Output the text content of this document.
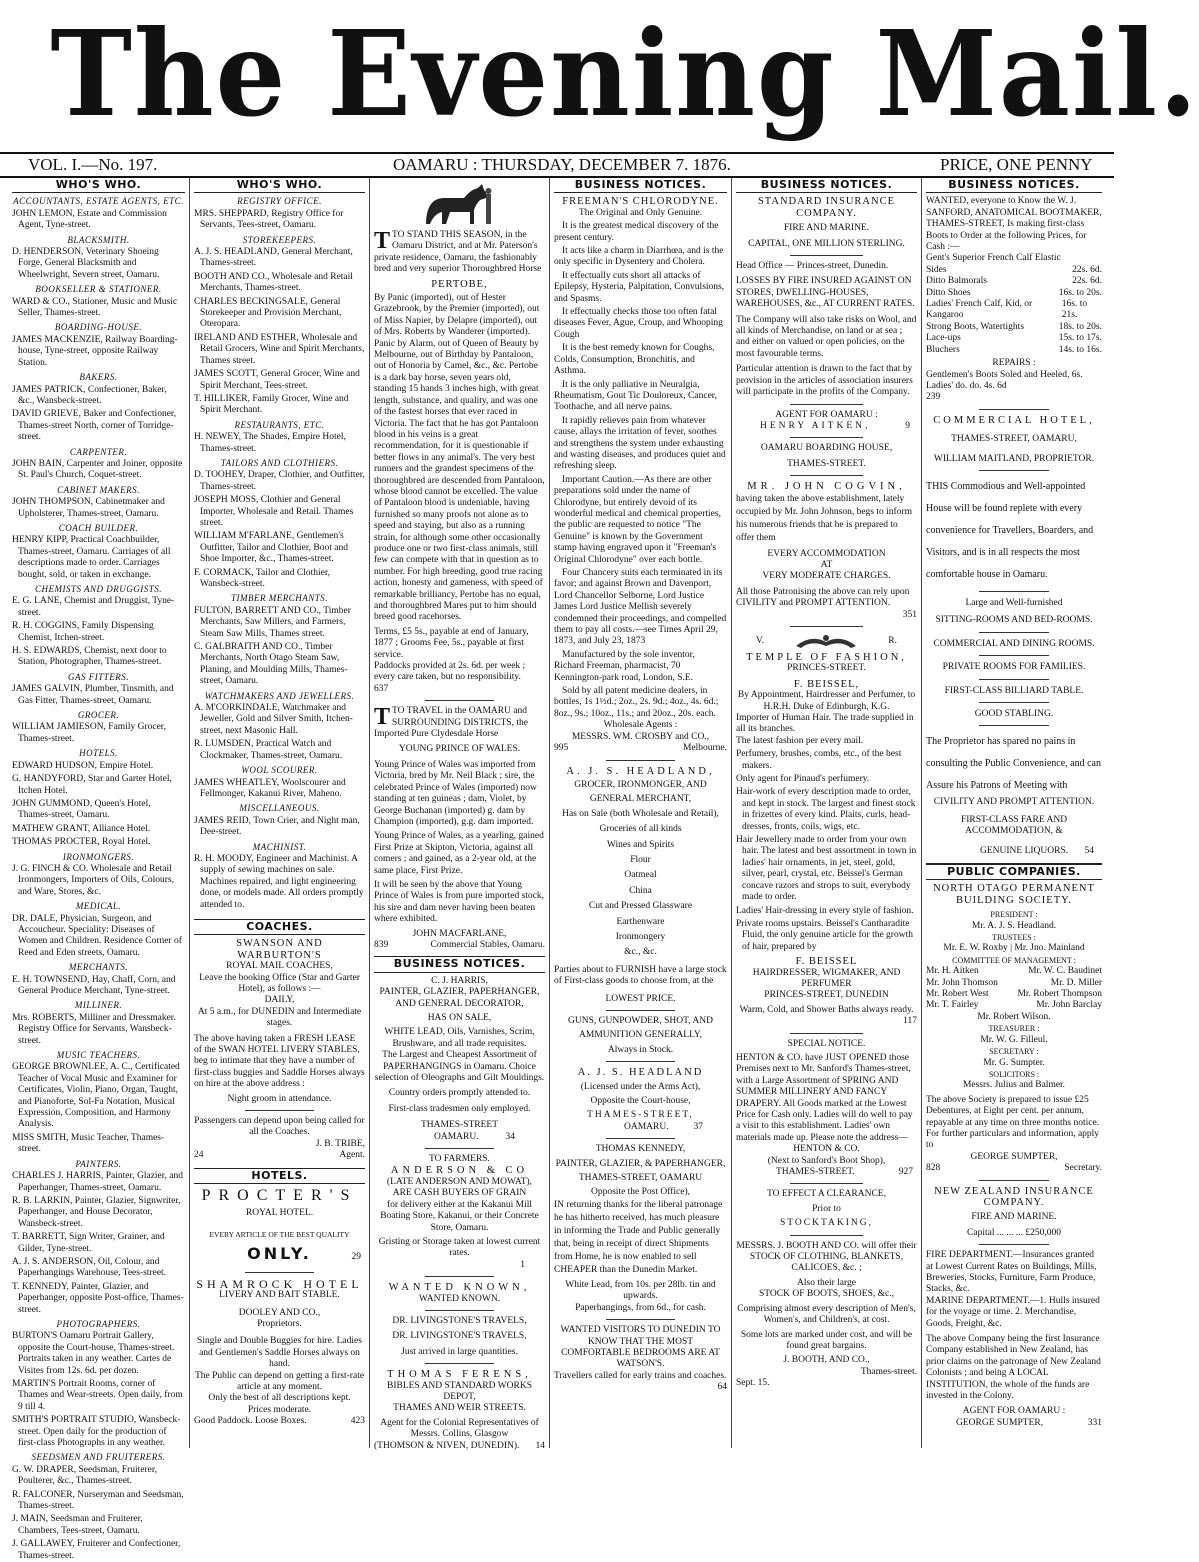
The Evening Mail.
VOL. I.—No. 197.	OAMARU : THURSDAY, DECEMBER 7. 1876.	PRICE, ONE PENNY
WHO'S WHO.
ACCOUNTANTS, ESTATE AGENTS, ETC.
JOHN LEMON, Estate and Commission Agent, Tyne-street.
BLACKSMITH.
D. HENDERSON, Veterinary Shoeing Forge, General Blacksmith and Wheelwright, Severn street, Oamaru.
BOOKSELLER & STATIONER.
WARD & CO., Stationer, Music and Music Seller, Thames-street.
BOARDING-HOUSE.
JAMES MACKENZIE, Railway Boarding-house, Tyne-street, opposite Railway Station.
BAKERS.
JAMES PATRICK, Confectioner, Baker, &c., Wansbeck-street.
DAVID GRIEVE, Baker and Confectioner, Thames-street North, corner of Torridge-street.
CARPENTER.
JOHN BAIN, Carpenter and Joiner, opposite St. Paul's Church, Coquet-street.
CABINET MAKERS.
JOHN THOMPSON, Cabinetmaker and Upholsterer, Thames-street, Oamaru.
COACH BUILDER.
HENRY KIPP, Practical Coachbuilder, Thames-street, Oamaru. Carriages of all descriptions made to order. Carriages bought, sold, or taken in exchange.
CHEMISTS AND DRUGGISTS.
E. G. LANE, Chemist and Druggist, Tyne-street.
R. H. COGGINS, Family Dispensing Chemist, Itchen-street.
H. S. EDWARDS, Chemist, next door to Station, Photographer, Thames-street.
GAS FITTERS.
JAMES GALVIN, Plumber, Tinsmith, and Gas Fitter, Thames-street, Oamaru.
GROCER.
WILLIAM JAMIESON, Family Grocer, Thames-street.
HOTELS.
EDWARD HUDSON, Empire Hotel.
G. HANDYFORD, Star and Garter Hotel, Itchen Hotel.
JOHN GUMMOND, Queen's Hotel, Thames-street, Oamaru.
MATHEW GRANT, Alliance Hotel.
THOMAS PROCTER, Royal Hotel.
IRONMONGERS.
J. G. FINCH & CO. Wholesale and Retail Ironmongers, Importers of Oils, Colours, and Ware, Stores, &c.
MEDICAL.
DR. DALE, Physician, Surgeon, and Accoucheur. Speciality: Diseases of Women and Children. Residence Corner of Reed and Eden streets, Oamaru.
MERCHANTS.
E. H. TOWNSEND, Hay, Chaff, Corn, and General Produce Merchant, Tyne-street.
MILLINER.
Mrs. ROBERTS, Milliner and Dressmaker. Registry Office for Servants, Wansbeck-street.
MUSIC TEACHERS.
GEORGE BROWNLEE, A. C., Certificated Teacher of Vocal Music and Examiner for Certificates, Violin, Piano, Organ, Taught, and Pianoforte, Sol-Fa Notation, Musical Expression, Composition, and Harmony Analysis.
MISS SMITH, Music Teacher, Thames-street.
PAINTERS.
CHARLES J. HARRIS, Painter, Glazier, and Paperhanger, Thames-street, Oamaru.
R. B. LARKIN, Painter, Glazier, Signwriter, Paperhanger, and House Decorator, Wansbeck-street.
T. BARRETT, Sign Writer, Grainer, and Gilder, Tyne-street.
A. J. S. ANDERSON, Oil, Colour, and Paperhangings Warehouse, Tees-street.
T. KENNEDY, Painter, Glazier, and Paperhanger, opposite Post-office, Thames-street.
PHOTOGRAPHERS.
BURTON'S Oamaru Portrait Gallery, opposite the Court-house, Thames-street. Portraits taken in any weather. Cartes de Visites from 12s. 6d. per dozen.
MARTIN'S Portrait Rooms, corner of Thames and Wear-streets. Open daily, from 9 till 4.
SMITH'S PORTRAIT STUDIO, Wansbeck-street. Open daily for the production of first-class Photographs in any weather.
SEEDSMEN AND FRUITERERS.
G. W. DRAPER, Seedsman, Fruiterer, Poulterer, &c., Thames-street.
R. FALCONER, Nurseryman and Seedsman, Thames-street.
J. MAIN, Seedsman and Fruiterer, Chambers, Tees-street, Oamaru.
J. GALLAWEY, Fruiterer and Confectioner, Thames-street.
WHO'S WHO.
REGISTRY OFFICE.
MRS. SHEPPARD, Registry Office for Servants, Tees-street, Oamaru.
STOREKEEPERS.
A. J. S. HEADLAND, General Merchant, Thames-street.
BOOTH AND CO., Wholesale and Retail Merchants, Thames-street.
CHARLES BECKINGSALE, General Storekeeper and Provision Merchant, Oteropara.
IRELAND AND ESTHER, Wholesale and Retail Grocers, Wine and Spirit Merchants, Thames street.
JAMES SCOTT, General Grocer, Wine and Spirit Merchant, Tees-street.
T. HILLIKER, Family Grocer, Wine and Spirit Merchant.
RESTAURANTS, ETC.
H. NEWEY, The Shades, Empire Hotel, Thames-street.
TAILORS AND CLOTHIERS.
D. TOOHEY, Draper, Clothier, and Outfitter, Thames-street.
JOSEPH MOSS, Clothier and General Importer, Wholesale and Retail. Thames street.
WILLIAM M'FARLANE, Gentlemen's Outfitter, Tailor and Clothier, Boot and Shoe Importer, &c., Thames-street.
F. CORMACK, Tailor and Clothier, Wansbeck-street.
TIMBER MERCHANTS.
FULTON, BARRETT AND CO., Timber Merchants, Saw Millers, and Farmers, Steam Saw Mills, Thames street.
C. GALBRAITH AND CO., Timber Merchants, North Otago Steam Saw, Planing, and Moulding Mills, Thames-street, Oamaru.
WATCHMAKERS AND JEWELLERS.
A. M'CORKINDALE, Watchmaker and Jeweller, Gold and Silver Smith, Itchen-street, next Masonic Hall.
R. LUMSDEN, Practical Watch and Clockmaker, Thames-street, Oamaru.
WOOL SCOURER.
JAMES WHEATLEY, Woolscourer and Fellmonger, Kakanui River, Maheno.
MISCELLANEOUS.
JAMES REID, Town Crier, and Night man, Dee-street.
MACHINIST.
R. H. MOODY, Engineer and Machinist. A supply of sewing machines on sale. Machines repaired, and light engineering done, or models made. All orders promptly attended to.
COACHES.
SWANSON AND WARBURTON'S
ROYAL MAIL COACHES,
Leave the booking Office (Star and Garter Hotel), as follows :—
DAILY,
At 5 a.m., for DUNEDIN and Intermediate stages.
The above having taken a FRESH LEASE of the SWAN HOTEL LIVERY STABLES, beg to intimate that they have a number of first-class buggies and Saddle Horses always on hire at the above address :
Night groom in attendance.
Passengers can depend upon being called for all the Coaches.
J. B. TRIBE,
24	Agent.
HOTELS.
PROCTER'S
ROYAL HOTEL.
EVERY ARTICLE OF THE BEST QUALITY
ONLY.	29
SHAMROCK HOTEL
LIVERY AND BAIT STABLE.
DOOLEY AND CO.,
Proprietors.
Single and Double Buggies for hire. Ladies and Gentlemen's Saddle Horses always on hand.
The Public can depend on getting a first-rate article at any moment.
Only the best of all descriptions kept.
Prices moderate.
Good Paddock. Loose Boxes.	423
TTO STAND THIS SEASON, in the Oamaru District, and at Mr. Paterson's private residence, Oamaru, the fashionably bred and very superior Thoroughbred Horse
PERTOBE,
By Panic (imported), out of Hester Grazebrook, by the Premier (imported), out of Miss Napier, by Delapre (imported), out of Mrs. Roberts by Wanderer (imported). Panic by Alarm, out of Queen of Beauty by Melbourne, out of Birthday by Pantaloon, out of Honoria by Camel, &c., &c. Pertobe is a dark bay horse, seven years old, standing 15 hands 3 inches high, with great length, substance, and quality, and was one of the fastest horses that ever raced in Victoria. The fact that he has got Pantaloon blood in his veins is a great recommendation, for it is questionable if better flows in any animal's. The very best runners and the grandest specimens of the thoroughbred are descended from Pantaloon, whose blood cannot be excelled. The value of Pantaloon blood is undeniable, having furnished so many proofs not alone as to speed and staying, but also as a running strain, for although some other occasionally produce one or two first-class animals, still few can compete with that in question as to number. For high breeding, good true racing action, honesty and gameness, with speed of remarkable brilliancy, Pertobe has no equal, and thoroughbred Mares put to him should breed good racehorses.
Terms, £5 5s., payable at end of January, 1877 ; Grooms Fee, 5s., payable at first service.
Paddocks provided at 2s. 6d. per week ; every care taken, but no responsibility.
637
TTO TRAVEL in the OAMARU and SURROUNDING DISTRICTS, the Imported Pure Clydesdale Horse
YOUNG PRINCE OF WALES.
Young Prince of Wales was imported from Victoria, bred by Mr. Neil Black ; sire, the celebrated Prince of Wales (imported) now standing at ten guineas ; dam, Violet, by George Buchanan (imported) g. dam by Champion (imported), g.g. dam imported.
Young Prince of Wales, as a yearling, gained First Prize at Skipton, Victoria, against all comers ; and gained, as a 2-year old, at the same place, First Prize.
It will be seen by the above that Young Prince of Wales is from pure imported stock, his sire and dam never having been beaten where exhibited.
JOHN MACFARLANE,
839	Commercial Stables, Oamaru.
BUSINESS NOTICES.
C. J. HARRIS,
PAINTER, GLAZIER, PAPERHANGER, AND GENERAL DECORATOR,
HAS ON SALE,
WHITE LEAD, Oils, Varnishes, Scrim, Brushware, and all trade requisites.
The Largest and Cheapest Assortment of PAPERHANGINGS in Oamaru. Choice selection of Oleographs and Gilt Mouldings.
Country orders promptly attended to.
First-class tradesmen only employed.
THAMES-STREET
OAMARU.	34
TO FARMERS.
ANDERSON & CO
(LATE ANDERSON AND MOWAT),
ARE CASH BUYERS OF GRAIN
for delivery either at the Kakanui Mill Boating Store, Kakanui, or their Concrete Store, Oamaru.
Gristing or Storage taken at lowest current rates.
1
WANTED KNOWN,
WANTED KNOWN.
DR. LIVINGSTONE'S TRAVELS,
DR. LIVINGSTONE'S TRAVELS,
Just arrived in large quantities.
THOMAS FERENS,
BIBLES AND STANDARD WORKS DEPOT,
THAMES AND WEIR STREETS.
Agent for the Colonial Representatives of Messrs. Collins, Glasgow
(THOMSON & NIVEN, DUNEDIN). 14
BUSINESS NOTICES.
FREEMAN'S CHLORODYNE.
The Original and Only Genuine.
It is the greatest medical discovery of the present century.
It acts like a charm in Diarrhœa, and is the only specific in Dysentery and Cholera.
It effectually cuts short all attacks of Epilepsy, Hysteria, Palpitation, Convulsions, and Spasms.
It effectually checks those too often fatal diseases Fever, Ague, Croup, and Whooping Cough
It is the best remedy known for Coughs, Colds, Consumption, Bronchitis, and Asthma.
It is the only palliative in Neuralgia, Rheumatism, Gout Tic Douloreux, Cancer, Toothache, and all nerve pains.
It rapidly relieves pain from whatever cause, allays the irritation of fever, soothes and strengthens the system under exhausting and wasting diseases, and produces quiet and refreshing sleep.
Important Caution.—As there are other preparations sold under the name of Chlorodyne, but entirely devoid of its wonderful medical and chemical properties, the public are requested to notice "The Genuine" is known by the Government stamp having engraved upon it "Freeman's Original Chlorodyne" over each bottle.
Four Chancery suits each terminated in its favor; and against Brown and Davenport, Lord Chancellor Selborne, Lord Justice James Lord Justice Mellish severely condemned their proceedings, and compelled them to pay all costs.—see Times April 29, 1873, and July 23, 1873
Manufactured by the sole inventor, Richard Freeman, pharmacist, 70 Kennington-park road, London, S.E.
Sold by all patent medicine dealers, in bottles, 1s 1½d.; 2oz., 2s. 9d.; 4oz., 4s. 6d.; 8oz., 9s.; 10oz., 11s.; and 20oz., 20s. each.
Wholesale Agents :
MESSRS. WM. CROSBY and CO.,
995	Melbourne.
A. J. S. HEADLAND,
GROCER, IRONMONGER, AND
GENERAL MERCHANT,
Has on Sale (both Wholesale and Retail),
Groceries of all kinds
Wines and Spirits
Flour
Oatmeal
China
Cut and Pressed Glassware
Earthenware
Ironmongery
&c., &c.
Parties about to FURNISH have a large stock of First-class goods to choose from, at the
LOWEST PRICE.
GUNS, GUNPOWDER, SHOT, AND
AMMUNITION GENERALLY,
Always in Stock.
A. J. S. HEADLAND
(Licensed under the Arms Act),
Opposite the Court-house,
THAMES-STREET,
OAMARU.	37
THOMAS KENNEDY,
PAINTER, GLAZIER, & PAPERHANGER,
THAMES-STREET, OAMARU
Opposite the Post Office),
IN returning thanks for the liberal patronage he has hitherto received, has much pleasure in informing the Trade and Public generally that, being in receipt of direct Shipments from Home, he is now enabled to sell CHEAPER than the Dunedin Market.
White Lead, from 10s. per 28lb. tin and upwards.
Paperhangings, from 6d., for cash.
WANTED VISITORS TO DUNEDIN TO KNOW THAT THE MOST COMFORTABLE BEDROOMS ARE AT WATSON'S.
Travellers called for early trains and coaches.
64
BUSINESS NOTICES.
STANDARD INSURANCE COMPANY.
FIRE AND MARINE.
CAPITAL, ONE MILLION STERLING.
Head Office — Princes-street, Dunedin.
LOSSES BY FIRE INSURED AGAINST ON STORES, DWELLING-HOUSES, WAREHOUSES, &c., AT CURRENT RATES.
The Company will also take risks on Wool, and all kinds of Merchandise, on land or at sea ; and either on valued or open policies, on the most favourable terms.
Particular attention is drawn to the fact that by provision in the articles of association insurers will participate in the profits of the Company.
AGENT FOR OAMARU :
HENRY AITKEN,	9
OAMARU BOARDING HOUSE,
THAMES-STREET.
MR. JOHN COGVIN,
having taken the above establishment, lately occupied by Mr. John Johnson, begs to inform his numerous friends that he is prepared to offer them
EVERY ACCOMMODATION
AT
VERY MODERATE CHARGES.
All those Patronising the above can rely upon CIVILITY and PROMPT ATTENTION.
351
V.	R.
TEMPLE OF FASHION,
PRINCES-STREET.
F. BEISSEL,
By Appointment, Hairdresser and Perfumer, to H.R.H. Duke of Edinburgh, K.G.
Importer of Human Hair. The trade supplied in all its branches.
The latest fashion per every mail.
Perfumery, brushes, combs, etc., of the best makers.
Only agent for Pinaud's perfumery.
Hair-work of every description made to order, and kept in stock. The largest and finest stock in frizettes of every kind. Plaits, curls, head-dresses, fronts, coils, wigs, etc.
Hair Jewellery made to order from your own hair. The latest and best assortment in town in ladies' hair ornaments, in jet, steel, gold, silver, pearl, crystal, etc. Beissel's German concave razors and strops to suit, everybody made to order.
Ladies' Hair-dressing in every style of fashion.
Private rooms upstairs. Beissel's Cantharadite Fluid, the only genuine article for the growth of hair, prepared by
F. BEISSEL
HAIRDRESSER, WIGMAKER, AND PERFUMER
PRINCES-STREET, DUNEDIN
Warm, Cold, and Shower Baths always ready.
117
SPECIAL NOTICE.
HENTON & CO. have JUST OPENED those Premises next to Mr. Sanford's Thames-street, with a Large Assortment of SPRING AND SUMMER MILLINERY AND FANCY DRAPERY. All Goods marked at the Lowest Price for Cash only. Ladies will do well to pay a visit to this establishment. Ladies' own materials made up. Please note the address—
HENTON & CO.
(Next to Sanford's Boot Shop),
THAMES-STREET.	927
TO EFFECT A CLEARANCE,
Prior to
STOCKTAKING,
MESSRS. J. BOOTH AND CO. will offer their STOCK OF CLOTHING, BLANKETS, CALICOES, &c. ;
Also their large
STOCK OF BOOTS, SHOES, &c.,
Comprising almost every description of Men's, Women's, and Children's, at cost.
Some lots are marked under cost, and will be found great bargains.
J. BOOTH, AND CO.,
Thames-street.
Sept. 15.
BUSINESS NOTICES.
WANTED, everyone to Know the W. J. SANFORD, ANATOMICAL BOOTMAKER, THAMES-STREET, Is making first-class Boots to Order at the following Prices, for Cash :—
Gent's Superior French Calf Elastic
Sides	22s. 6d.
Ditto Balmorals	22s. 6d.
Ditto Shoes	16s. to 20s.
Ladies' French Calf, Kid, or Kangaroo
16s. to 21s.
Strong Boots, Watertights	18s. to 20s.
Lace-ups	15s. to 17s.
Bluchers	14s. to 16s.
REPAIRS :
Gentlemen's Boots Soled and Heeled, 6s.
Ladies' do. do. 4s. 6d
239
COMMERCIAL HOTEL,
THAMES-STREET, OAMARU,
WILLIAM MAITLAND, PROPRIETOR.
THIS Commodious and Well-appointed House will be found replete with every convenience for Travellers, Boarders, and Visitors, and is in all respects the most comfortable house in Oamaru.
Large and Well-furnished
SITTING-ROOMS AND BED-ROOMS.
COMMERCIAL AND DINING ROOMS.
PRIVATE ROOMS FOR FAMILIES.
FIRST-CLASS BILLIARD TABLE.
GOOD STABLING.
The Proprietor has spared no pains in consulting the Public Convenience, and can Assure his Patrons of Meeting with
CIVILITY AND PROMPT ATTENTION.
FIRST-CLASS FARE AND ACCOMMODATION, &
GENUINE LIQUORS. 54
PUBLIC COMPANIES.
NORTH OTAGO PERMANENT BUILDING SOCIETY.
PRESIDENT :
Mr. A. J. S. Headland.
TRUSTEES :
Mr. E. W. Roxby | Mr. Jno. Mainland
COMMITTEE OF MANAGEMENT :
Mr. H. Aitken	Mr. W. C. Baudinet
Mr. John Thomson	Mr. D. Miller
Mr. Robert West	Mr. Robert Thompson
Mr. T. Fairley	Mr. John Barclay
Mr. Robert Wilson.
TREASURER :
Mr. W. G. Filleul.
SECRETARY :
Mr. G. Sumpter.
SOLICITORS :
Messrs. Julius and Balmer.
The above Society is prepared to issue £25 Debentures, at Eight per cent. per annum, repayable at any time on three months notice. For further particulars and information, apply to
GEORGE SUMPTER,
828	Secretary.
NEW ZEALAND INSURANCE COMPANY.
FIRE AND MARINE.
Capital ... ... ... £250,000
FIRE DEPARTMENT.—Insurances granted at Lowest Current Rates on Buildings, Mills, Breweries, Stocks, Furniture, Farm Produce, Stacks, &c.
MARINE DEPARTMENT.—1. Hulls insured for the voyage or time. 2. Merchandise, Goods, Freight, &c.
The above Company being the first Insurance Company established in New Zealand, has prior claims on the patronage of New Zealand Colonists ; and being A LOCAL INSTITUTION, the whole of the funds are invested in the Colony.
AGENT FOR OAMARU :
GEORGE SUMPTER,	331
